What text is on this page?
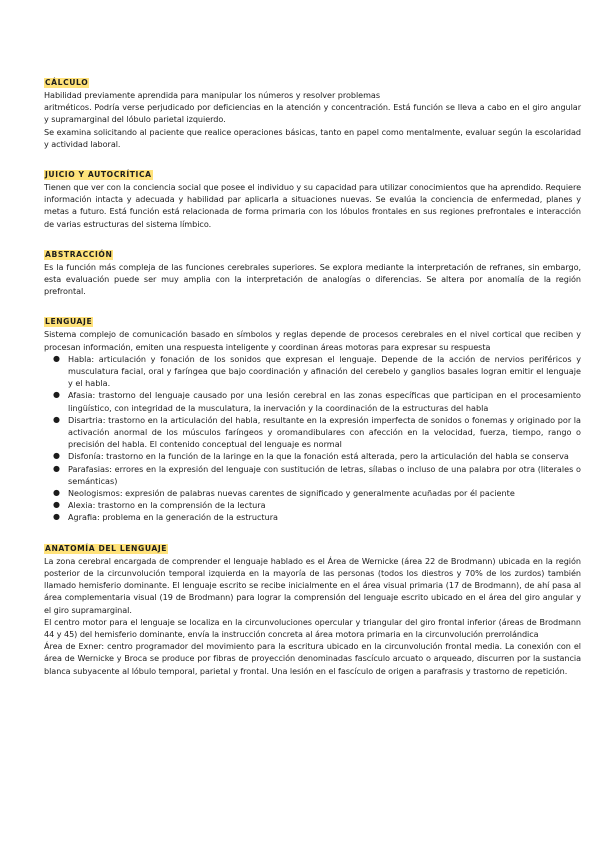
CÁLCULO

Habilidad previamente aprendida para manipular los números y resolver problemas

aritméticos. Podría verse perjudicado por deficiencias en la atención y concentración. Está función se lleva a cabo en el giro angular y supramarginal del lóbulo parietal izquierdo.

Se examina solicitando al paciente que realice operaciones básicas, tanto en papel como mentalmente, evaluar según la escolaridad y actividad laboral.

JUICIO Y AUTOCRÍTICA

Tienen que ver con la conciencia social que posee el individuo y su capacidad para utilizar conocimientos que ha aprendido. Requiere información intacta y adecuada y habilidad par aplicarla a situaciones nuevas. Se evalúa la conciencia de enfermedad, planes y metas a futuro. Está función está relacionada de forma primaria con los lóbulos frontales en sus regiones prefrontales e interacción de varias estructuras del sistema límbico.

ABSTRACCIÓN

Es la función más compleja de las funciones cerebrales superiores. Se explora mediante la interpretación de refranes, sin embargo, esta evaluación puede ser muy amplia con la interpretación de analogías o diferencias. Se altera por anomalía de la región prefrontal.

LENGUAJE

Sistema complejo de comunicación basado en símbolos y reglas depende de procesos cerebrales en el nivel cortical que reciben y procesan información, emiten una respuesta inteligente y coordinan áreas motoras para expresar su respuesta

● Habla: articulación y fonación de los sonidos que expresan el lenguaje. Depende de la acción de nervios periféricos y musculatura facial, oral y faríngea que bajo coordinación y afinación del cerebelo y ganglios basales logran emitir el lenguaje y el habla.
● Afasia: trastorno del lenguaje causado por una lesión cerebral en las zonas específicas que participan en el procesamiento lingüístico, con integridad de la musculatura, la inervación y la coordinación de la estructuras del habla
● Disartria: trastorno en la articulación del habla, resultante en la expresión imperfecta de sonidos o fonemas y originado por la activación anormal de los músculos faríngeos y oromandibulares con afección en la velocidad, fuerza, tiempo, rango o precisión del habla. El contenido conceptual del lenguaje es normal
● Disfonía: trastorno en la función de la laringe en la que la fonación está alterada, pero la articulación del habla se conserva
● Parafasias: errores en la expresión del lenguaje con sustitución de letras, sílabas o incluso de una palabra por otra (literales o semánticas)
● Neologismos: expresión de palabras nuevas carentes de significado y generalmente acuñadas por él paciente
● Alexia: trastorno en la comprensión de la lectura
● Agrafia: problema en la generación de la estructura
ANATOMÍA DEL LENGUAJE

La zona cerebral encargada de comprender el lenguaje hablado es el Área de Wernicke (área 22 de Brodmann) ubicada en la región posterior de la circunvolución temporal izquierda en la mayoría de las personas (todos los diestros y 70% de los zurdos) también llamado hemisferio dominante. El lenguaje escrito se recibe inicialmente en el área visual primaria (17 de Brodmann), de ahí pasa al área complementaria visual (19 de Brodmann) para lograr la comprensión del lenguaje escrito ubicado en el área del giro angular y el giro supramarginal.

El centro motor para el lenguaje se localiza en la circunvoluciones opercular y triangular del giro frontal inferior (áreas de Brodmann 44 y 45) del hemisferio dominante, envía la instrucción concreta al área motora primaria en la circunvolución prerrolándica

Área de Exner: centro programador del movimiento para la escritura ubicado en la circunvolución frontal media. La conexión con el área de Wernicke y Broca se produce por fibras de proyección denominadas fascículo arcuato o arqueado, discurren por la sustancia blanca subyacente al lóbulo temporal, parietal y frontal. Una lesión en el fascículo de origen a parafrasis y trastorno de repetición.
